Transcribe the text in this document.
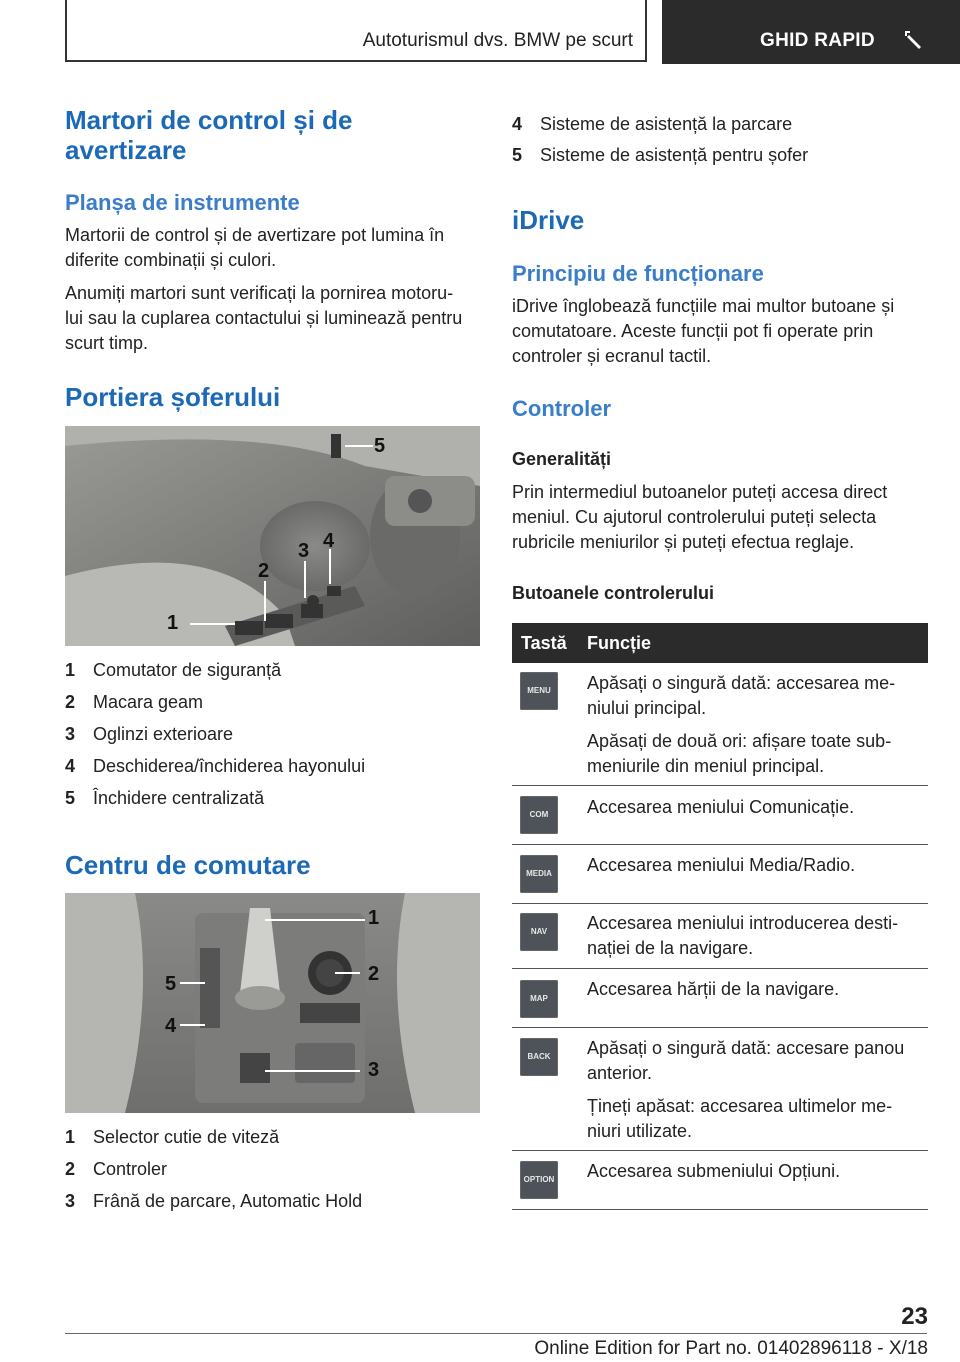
Autoturismul dvs. BMW pe scurt	GHID RAPID
Martori de control și de
avertizare
Planșa de instrumente
Martorii de control și de avertizare pot lumina în
diferite combinații și culori.
Anumiți martori sunt verificați la pornirea motoru-
lui sau la cuplarea contactului și luminează pentru
scurt timp.
Portiera șoferului
1
2
3 4
5
1 Comutator de siguranță
2 Macara geam
3 Oglinzi exterioare
4 Deschiderea/închiderea hayonului
5 Închidere centralizată
Centru de comutare
1
2
3
4
5
1 Selector cutie de viteză
2 Controler
3 Frână de parcare, Automatic Hold
4 Sisteme de asistență la parcare
5 Sisteme de asistență pentru șofer
iDrive
Principiu de funcționare
iDrive înglobează funcțiile mai multor butoane și
comutatoare. Aceste funcții pot fi operate prin
controler și ecranul tactil.
Controler
Generalități
Prin intermediul butoanelor puteți accesa direct
meniul. Cu ajutorul controlerului puteți selecta
rubricile meniurilor și puteți efectua reglaje.
Butoanele controlerului
Tastă Funcție
MENU	Apăsați o singură dată: accesarea me-
niului principal.
Apăsați de două ori: afișare toate sub-
meniurile din meniul principal.
COM	Accesarea meniului Comunicație.
MEDIA	Accesarea meniului Media/Radio.
NAV	Accesarea meniului introducerea desti-
nației de la navigare.
MAP	Accesarea hărții de la navigare.
BACK	Apăsați o singură dată: accesare panou
anterior.
Țineți apăsat: accesarea ultimelor me-
niuri utilizate.
OPTION Accesarea submeniului Opțiuni.
23
Online Edition for Part no. 01402896118 - X/18
